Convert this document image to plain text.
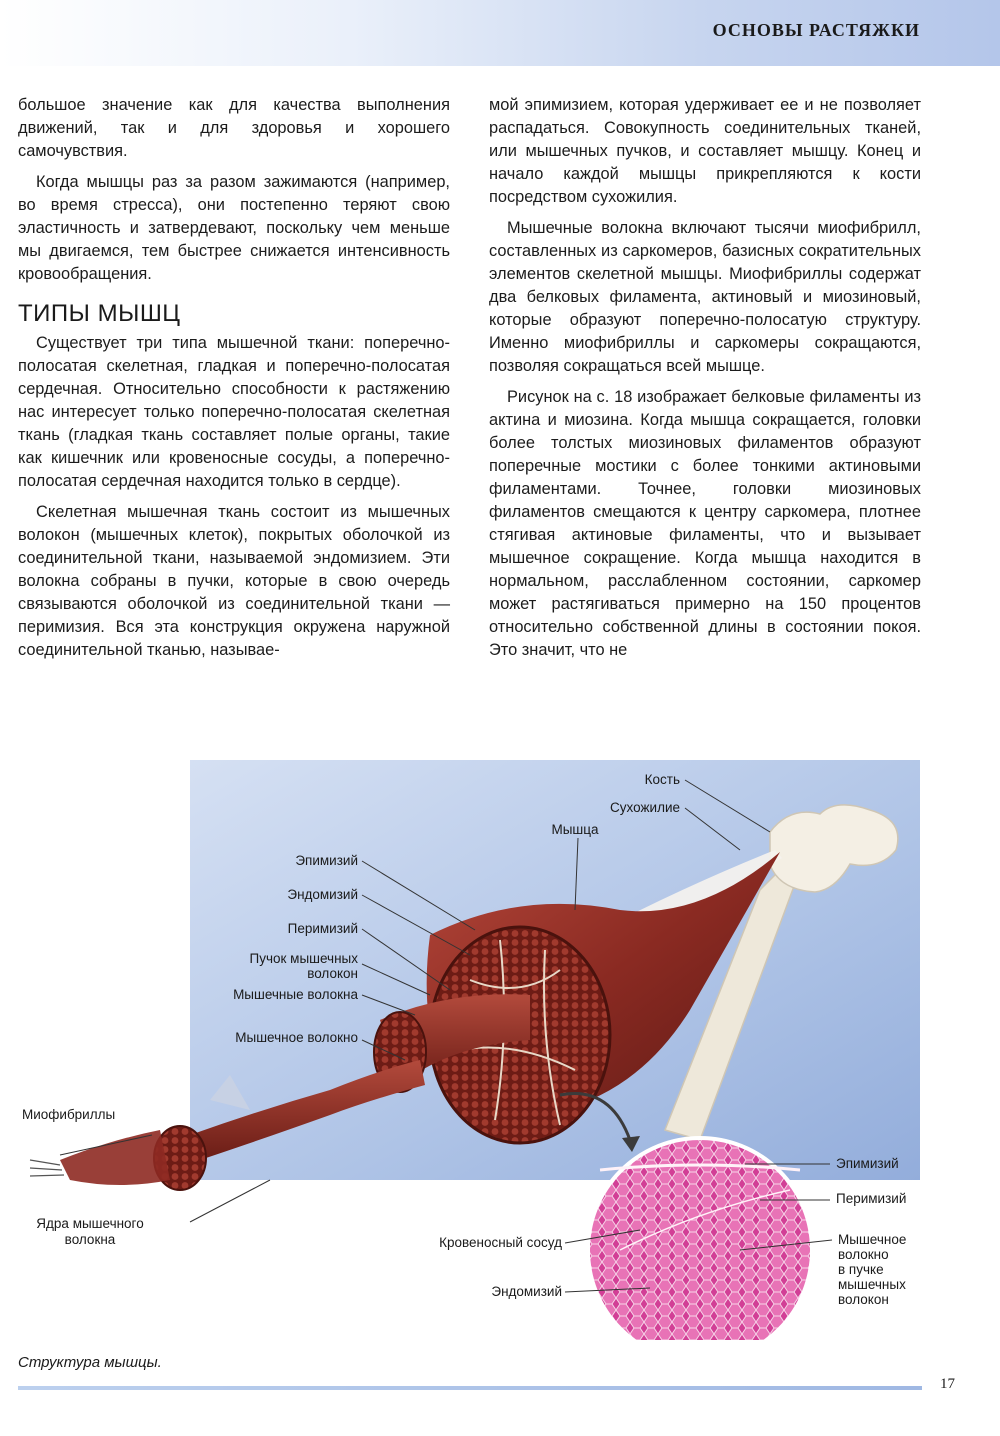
ОСНОВЫ РАСТЯЖКИ

большое значение как для качества выполнения движений, так и для здоровья и хорошего самочувствия.

Когда мышцы раз за разом зажимаются (например, во время стресса), они постепенно теряют свою эластичность и затвердевают, поскольку чем меньше мы двигаемся, тем быстрее снижается интенсивность кровообращения.

ТИПЫ МЫШЦ

Существует три типа мышечной ткани: поперечно-полосатая скелетная, гладкая и поперечно-полосатая сердечная. Относительно способности к растяжению нас интересует только поперечно-полосатая скелетная ткань (гладкая ткань составляет полые органы, такие как кишечник или кровеносные сосуды, а поперечно-полосатая сердечная находится только в сердце).

Скелетная мышечная ткань состоит из мышечных волокон (мышечных клеток), покрытых оболочкой из соединительной ткани, называемой эндомизием. Эти волокна собраны в пучки, которые в свою очередь связываются оболочкой из соединительной ткани — перимизия. Вся эта конструкция окружена наружной соединительной тканью, называе-

мой эпимизием, которая удерживает ее и не позволяет распадаться. Совокупность соединительных тканей, или мышечных пучков, и составляет мышцу. Конец и начало каждой мышцы прикрепляются к кости посредством сухожилия.

Мышечные волокна включают тысячи миофибрилл, составленных из саркомеров, базисных сократительных элементов скелетной мышцы. Миофибриллы содержат два белковых филамента, актиновый и миозиновый, которые образуют поперечно-полосатую структуру. Именно миофибриллы и саркомеры сокращаются, позволяя сокращаться всей мышце.

Рисунок на с. 18 изображает белковые филаменты из актина и миозина. Когда мышца сокращается, головки более толстых миозиновых филаментов образуют поперечные мостики с более тонкими актиновыми филаментами. Точнее, головки миозиновых филаментов смещаются к центру саркомера, плотнее стягивая актиновые филаменты, что и вызывает мышечное сокращение. Когда мышца находится в нормальном, расслабленном состоянии, саркомер может растягиваться примерно на 150 процентов относительно собственной длины в состоянии покоя. Это значит, что не

Кость
Сухожилие
Мышца
Эпимизий
Эндомизий
Перимизий
Пучок мышечных
волокон
Мышечные волокна
Мышечное волокно
Миофибриллы
Ядра мышечного
волокна
Эпимизий
Перимизий
Кровеносный сосуд
Эндомизий
Мышечное
волокно
в пучке
мышечных
волокон
Структура мышцы.
17
